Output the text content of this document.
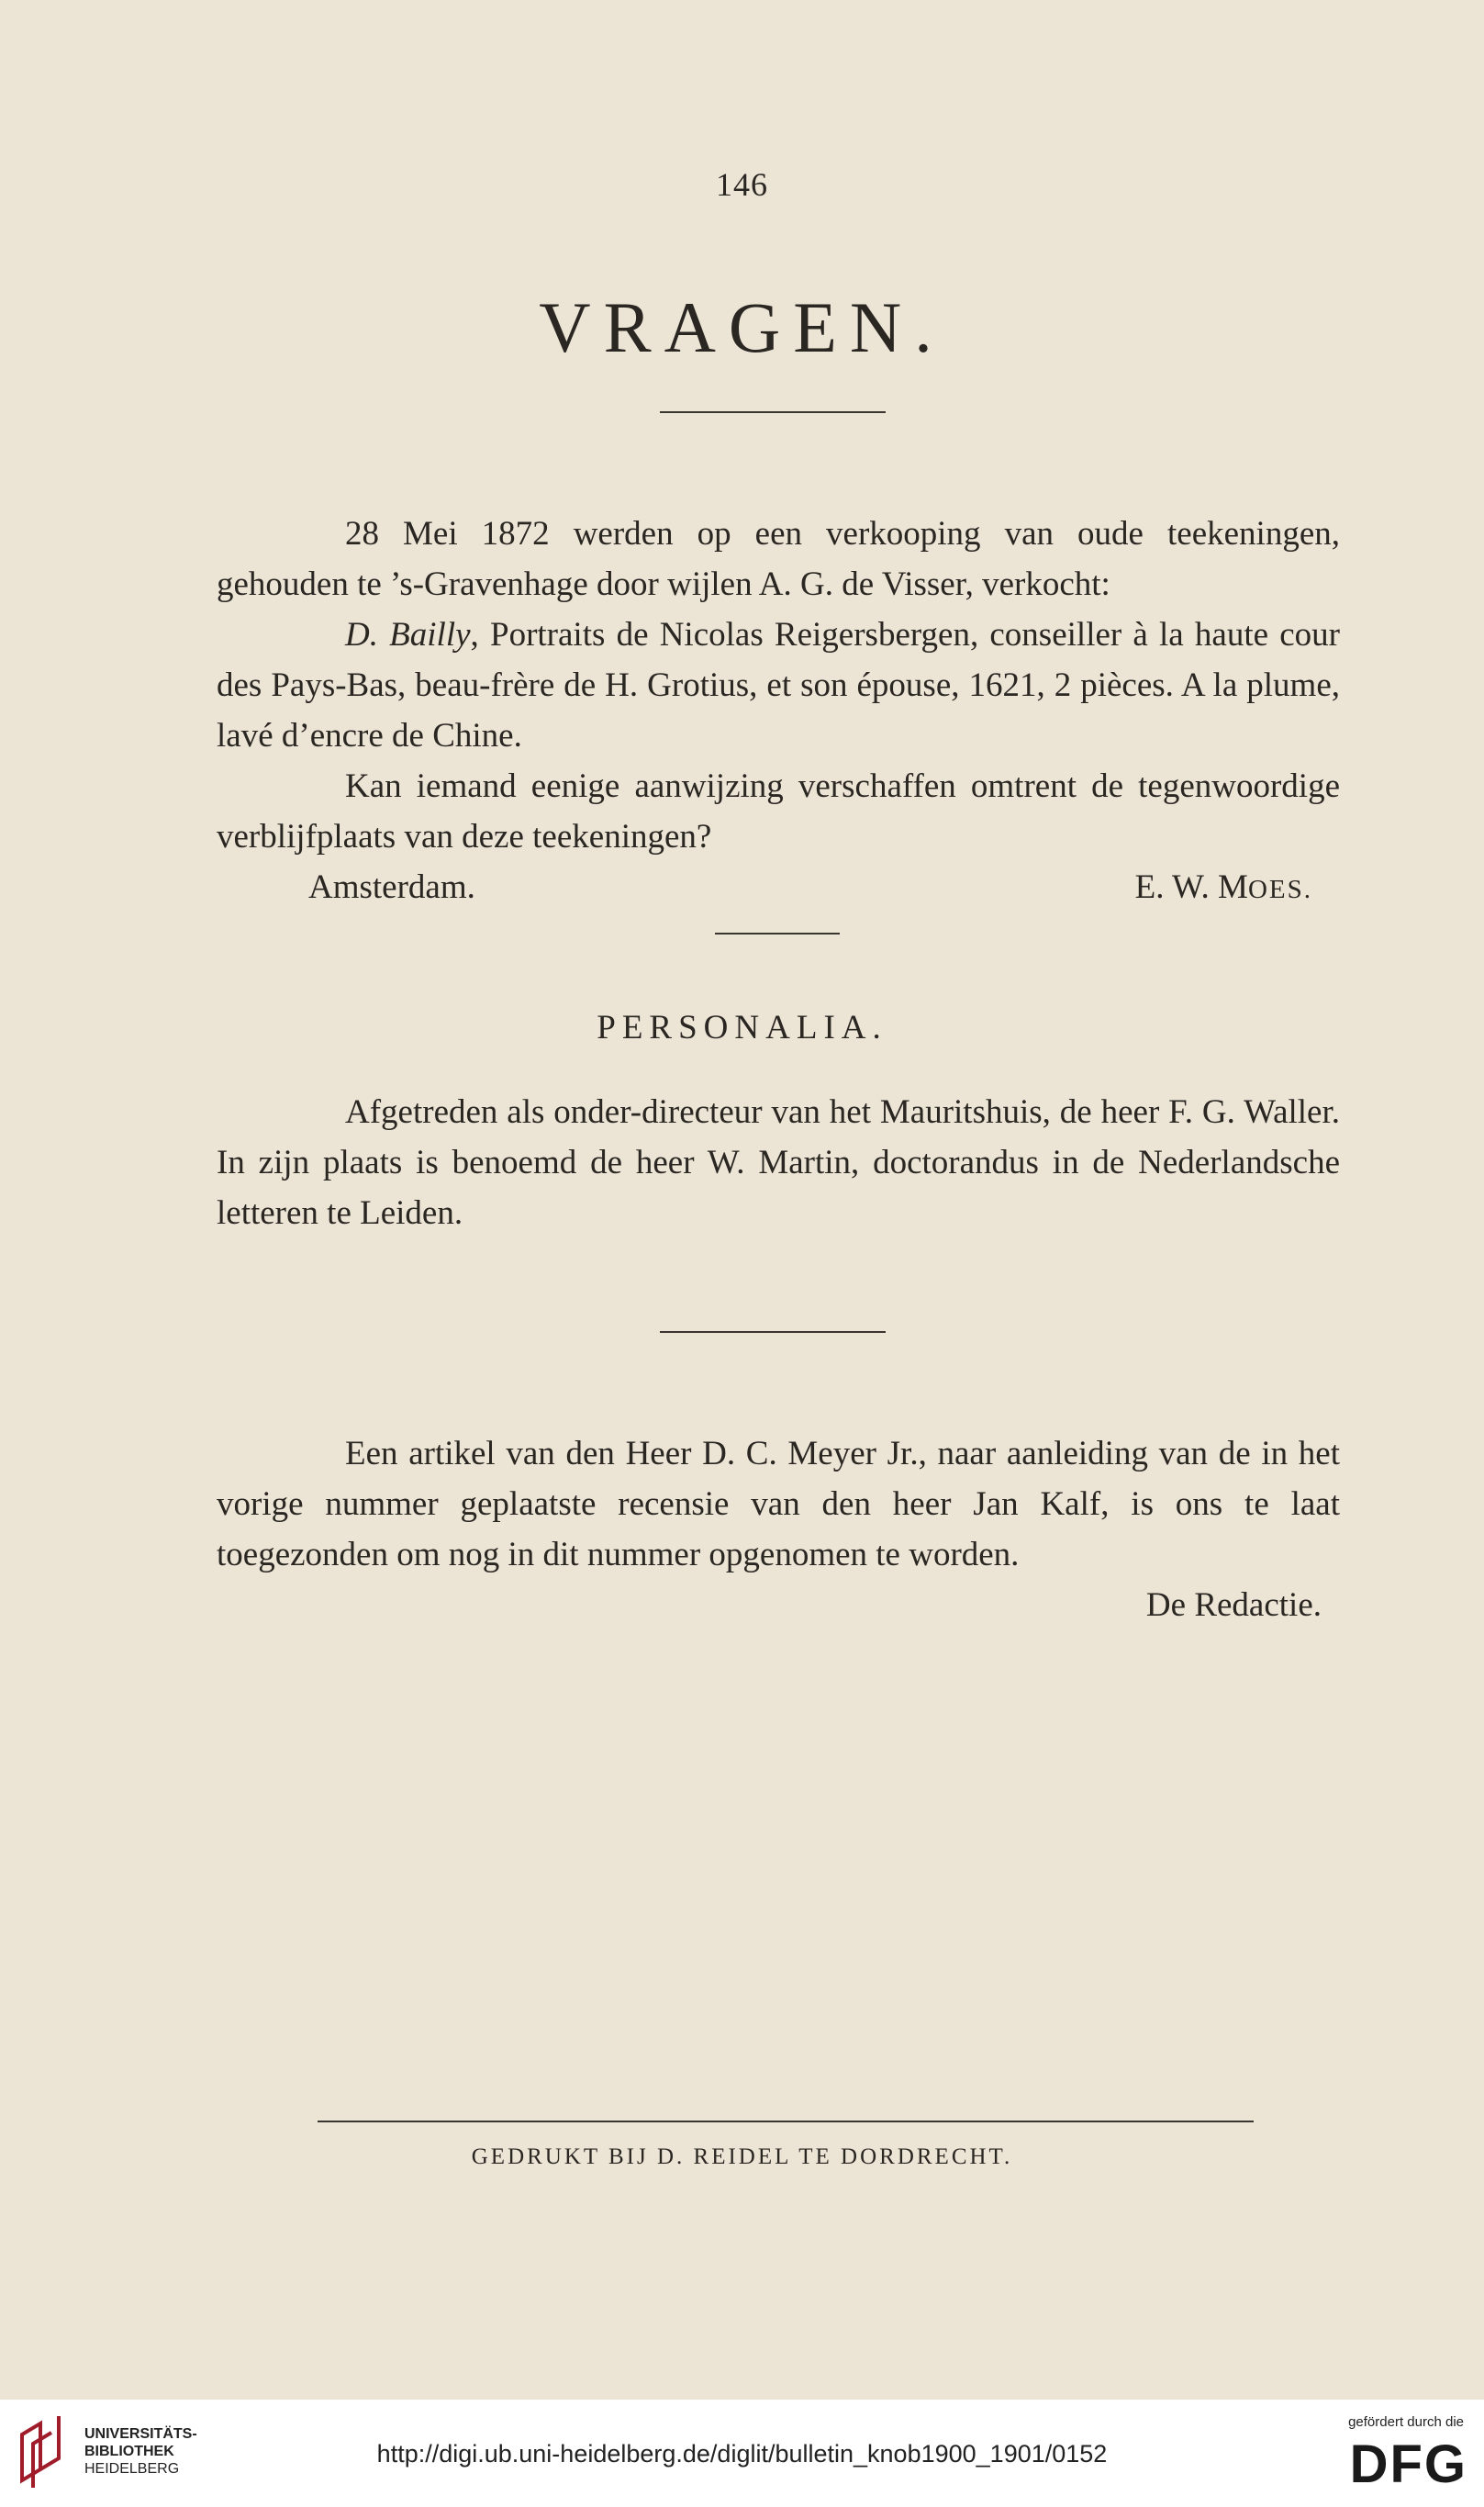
146
VRAGEN.

28 Mei 1872 werden op een verkooping van oude teekeningen, gehouden te ’s-Gravenhage door wijlen A. G. de Visser, verkocht:

D. Bailly, Portraits de Nicolas Reigersbergen, conseiller à la haute cour des Pays-Bas, beau-frère de H. Grotius, et son épouse, 1621, 2 pièces. A la plume, lavé d’encre de Chine.

Kan iemand eenige aanwijzing verschaffen omtrent de tegenwoordige verblijfplaats van deze teekeningen?

Amsterdam.	E. W. MOES.
PERSONALIA.

Afgetreden als onder-directeur van het Mauritshuis, de heer F. G. Waller. In zijn plaats is benoemd de heer W. Martin, doctorandus in de Nederlandsche letteren te Leiden.

Een artikel van den Heer D. C. Meyer Jr., naar aanleiding van de in het vorige nummer geplaatste recensie van den heer Jan Kalf, is ons te laat toegezonden om nog in dit nummer opgenomen te worden.

De Redactie.

GEDRUKT BIJ D. REIDEL TE DORDRECHT.
UNIVERSITÄTS-
BIBLIOTHEK
HEIDELBERG
http://digi.ub.uni-heidelberg.de/diglit/bulletin_knob1900_1901/0152
gefördert durch die
DFG
